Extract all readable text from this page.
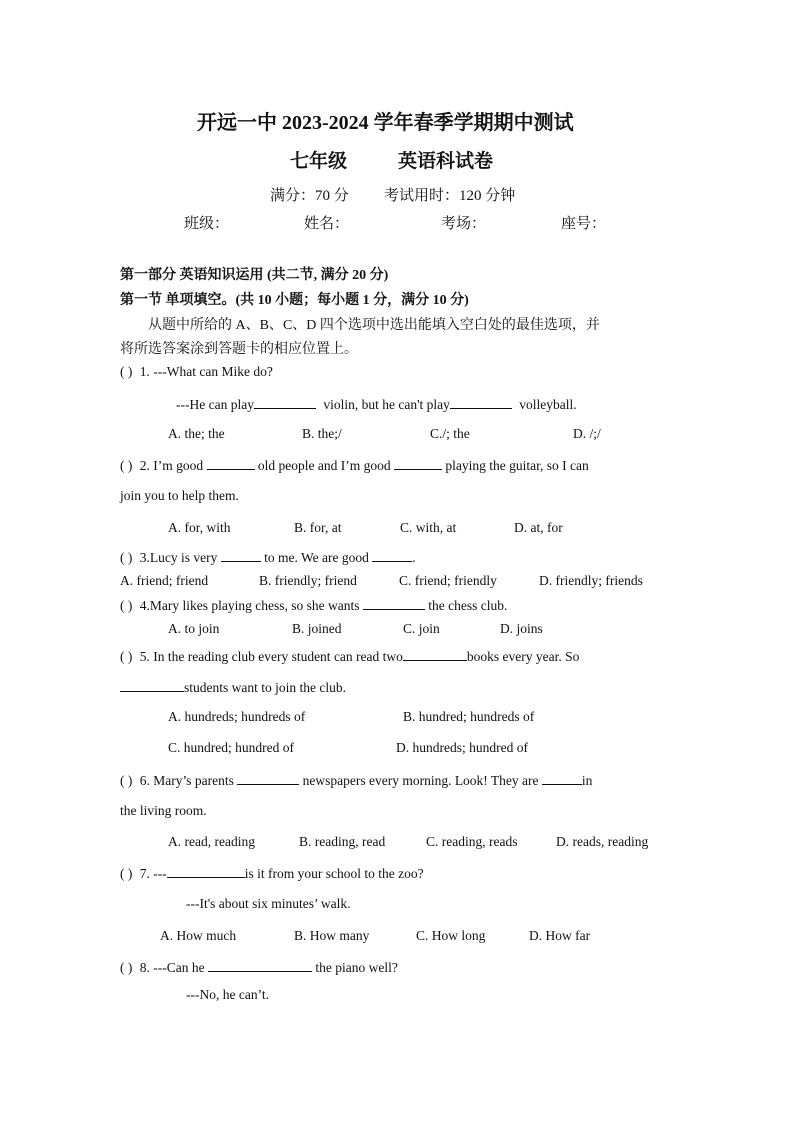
开远一中 2023-2024 学年春季学期期中测试
七年级	英语科试卷
满分：70 分 考试用时：120 分钟
班级：	姓名：	考场：	座号：
第一部分 英语知识运用 (共二节, 满分 20 分)
第一节 单项填空。(共 10 小题；每小题 1 分，满分 10 分)
从题中所给的 A、B、C、D 四个选项中选出能填入空白处的最佳选项，并
将所选答案涂到答题卡的相应位置上。
( ) 1. ---What can Mike do?
---He can play	violin, but he can't play	volleyball.
A. the; the	B. the;/	C./; the	D. /;/
( ) 2. I’m good	old people and I’m good	playing the guitar, so I can
join you to help them.
A. for, with	B. for, at	C. with, at	D. at, for
( ) 3.Lucy is very	to me. We are good	.
A. friend; friend	B. friendly; friend	C. friend; friendly	D. friendly; friends
( ) 4.Mary likes playing chess, so she wants	the chess club.
A. to join	B. joined	C. join	D. joins
( ) 5. In the reading club every student can read two	books every year. So
students want to join the club.
A. hundreds; hundreds of	B. hundred; hundreds of
C. hundred; hundred of	D. hundreds; hundred of
( ) 6. Mary’s parents	newspapers every morning. Look! They are	in
the living room.
A. read, reading	B. reading, read	C. reading, reads	D. reads, reading
( ) 7. ---	is it from your school to the zoo?
---It's about six minutes’ walk.
A. How much	B. How many	C. How long	D. How far
( ) 8. ---Can he	the piano well?
---No, he can’t.
